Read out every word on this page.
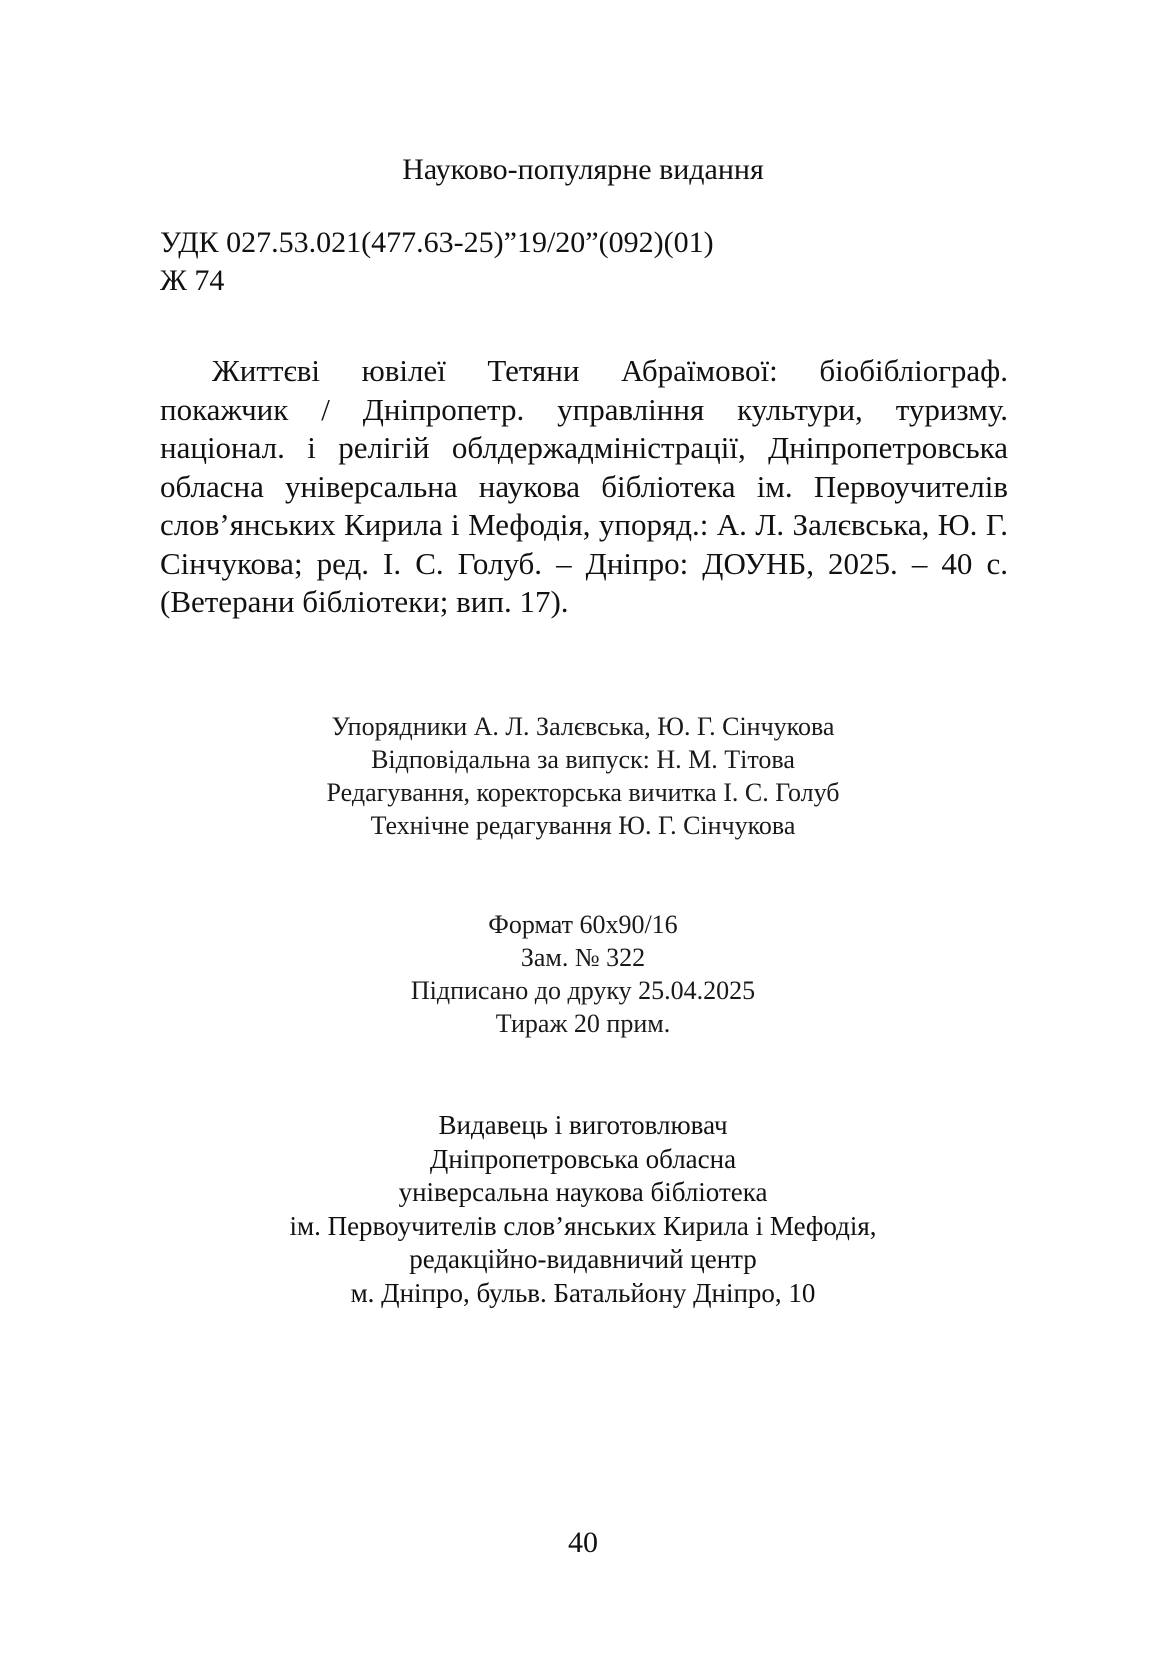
Науково-популярне видання
УДК 027.53.021(477.63-25)”19/20”(092)(01)
Ж 74

Життєві ювілеї Тетяни Абраїмової: біобібліограф. покажчик / Дніпропетр. управління культури, туризму. націонал. і релігій облдержадміністрації, Дніпропетровська обласна універсальна наукова бібліотека ім. Первоучителів слов’янських Кирила і Мефодія, упоряд.: А. Л. Залєвська, Ю. Г. Сінчукова; ред. І. С. Голуб. – Дніпро: ДОУНБ, 2025. – 40 с. (Ветерани бібліотеки; вип. 17).

Упорядники А. Л. Залєвська, Ю. Г. Сінчукова
Відповідальна за випуск: Н. М. Тітова
Редагування, коректорська вичитка І. С. Голуб
Технічне редагування Ю. Г. Сінчукова
Формат 60х90/16
Зам. № 322
Підписано до друку 25.04.2025
Тираж 20 прим.
Видавець і виготовлювач
Дніпропетровська обласна
універсальна наукова бібліотека
ім. Первоучителів слов’янських Кирила і Мефодія,
редакційно-видавничий центр
м. Дніпро, бульв. Батальйону Дніпро, 10
40
